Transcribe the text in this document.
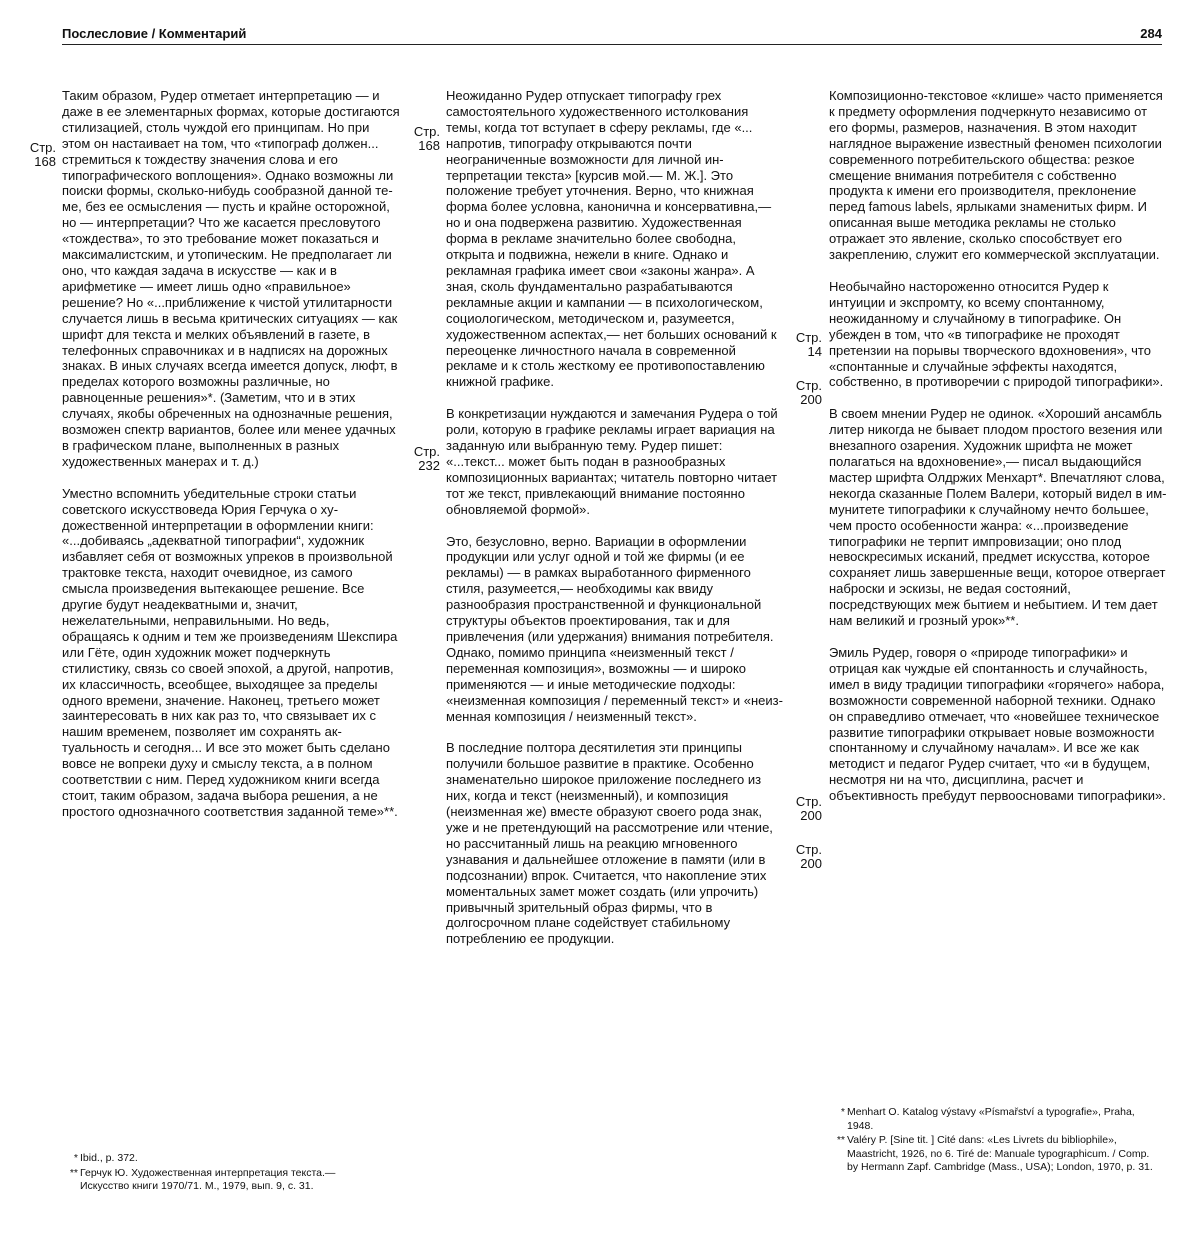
Послесловие / Комментарий	284

Таким образом, Рудер отметает интерпретацию — и даже в ее элементарных формах, которые достигаются стилизацией, столь чуждой его принципам. Но при этом он настаивает на том, что «типограф должен... стремиться к тождеству значения слова и его типографического воплощения». Однако возможны ли поиски формы, сколько-нибудь сообразной данной теме, без ее осмысления — пусть и крайне осторожной, но — интерпретации? Что же касается пресловутого «тождества», то это требование может показаться и максималистским, и утопическим. Не предполагает ли оно, что каждая задача в искусстве — как и в арифметике — имеет лишь одно «правильное» решение? Но «...приближение к чистой утилитарности случается лишь в весьма критических ситуациях — как шрифт для текста и мелких объявлений в газете, в телефонных справочниках и в надписях на дорожных знаках. В иных случаях всегда имеется допуск, люфт, в пределах которого возможны различные, но равноценные решения»*. (Заметим, что и в этих случаях, якобы обреченных на однозначные решения, возможен спектр вариантов, более или менее удачных в графическом плане, выполненных в разных художественных манерах и т. д.)

Уместно вспомнить убедительные строки статьи советского искусствоведа Юрия Герчука о художественной интерпретации в оформлении книги: «...добиваясь „адекватной типографии“, художник избавляет себя от возможных упреков в произвольной трактовке текста, находит очевидное, из самого смысла произведения вытекающее решение. Все другие будут неадекватными и, значит, нежелательными, неправильными. Но ведь, обращаясь к одним и тем же произведениям Шекспира или Гёте, один художник может подчеркнуть стилистику, связь со своей эпохой, а другой, напротив, их классичность, всеобщее, выходящее за пределы одного времени, значение. Наконец, третьего может заинтересовать в них как раз то, что связывает их с нашим временем, позволяет им сохранять актуальность и сегодня... И все это может быть сделано вовсе не вопреки духу и смыслу текста, а в полном соответствии с ним. Перед художником книги всегда стоит, таким образом, задача выбора решения, а не простого однозначного соответствия заданной теме»**.

Неожиданно Рудер отпускает типографу грех самостоятельного художественного истолкования темы, когда тот вступает в сферу рекламы, где «... напротив, типографу открываются почти неограниченные возможности для личной интерпретации текста» [курсив мой.— М. Ж.]. Это положение требует уточнения. Верно, что книжная форма более условна, канонична и консервативна,— но и она подвержена развитию. Художественная форма в рекламе значительно более свободна, открыта и подвижна, нежели в книге. Однако и рекламная графика имеет свои «законы жанра». А зная, сколь фундаментально разрабатываются рекламные акции и кампании — в психологическом, социологическом, методическом и, разумеется, художественном аспектах,— нет больших оснований к переоценке личностного начала в современной рекламе и к столь жесткому ее противопоставлению книжной графике.

В конкретизации нуждаются и замечания Рудера о той роли, которую в графике рекламы играет вариация на заданную или выбранную тему. Рудер пишет: «...текст... может быть подан в разнообразных композиционных вариантах; читатель повторно читает тот же текст, привлекающий внимание постоянно обновляемой формой».

Это, безусловно, верно. Вариации в оформлении продукции или услуг одной и той же фирмы (и ее рекламы) — в рамках выработанного фирменного стиля, разумеется,— необходимы как ввиду разнообразия пространственной и функциональной структуры объектов проектирования, так и для привлечения (или удержания) внимания потребителя. Однако, помимо принципа «неизменный текст / переменная композиция», возможны — и широко применяются — и иные методические подходы: «неизменная композиция / переменный текст» и «неизменная композиция / неизменный текст».

В последние полтора десятилетия эти принципы получили большое развитие в практике. Особенно знаменательно широкое приложение последнего из них, когда и текст (неизменный), и композиция (неизменная же) вместе образуют своего рода знак, уже и не претендующий на рассмотрение или чтение, но рассчитанный лишь на реакцию мгновенного узнавания и дальнейшее отложение в памяти (или в подсознании) впрок. Считается, что накопление этих моментальных замет может создать (или упрочить) привычный зрительный образ фирмы, что в долгосрочном плане содействует стабильному потреблению ее продукции.

Композиционно-текстовое «клише» часто применяется к предмету оформления подчеркнуто независимо от его формы, размеров, назначения. В этом находит наглядное выражение известный феномен психологии современного потребительского общества: резкое смещение внимания потребителя с собственно продукта к имени его производителя, преклонение перед famous labels, ярлыками знаменитых фирм. И описанная выше методика рекламы не столько отражает это явление, сколько способствует его закреплению, служит его коммерческой эксплуатации.

Необычайно настороженно относится Рудер к интуиции и экспромту, ко всему спонтанному, неожиданному и случайному в типографике. Он убежден в том, что «в типографике не проходят претензии на порывы творческого вдохновения», что «спонтанные и случайные эффекты находятся, собственно, в противоречии с природой типографики».

В своем мнении Рудер не одинок. «Хороший ансамбль литер никогда не бывает плодом простого везения или внезапного озарения. Художник шрифта не может полагаться на вдохновение»,— писал выдающийся мастер шрифта Олдржих Менхарт*. Впечатляют слова, некогда сказанные Полем Валери, который видел в иммунитете типографики к случайному нечто большее, чем просто особенности жанра: «...произведение типографики не терпит импровизации; оно плод невоскресимых исканий, предмет искусства, которое сохраняет лишь завершенные вещи, которое отвергает наброски и эскизы, не ведая состояний, посредствующих меж бытием и небытием. И тем дает нам великий и грозный урок»**.

Эмиль Рудер, говоря о «природе типографики» и отрицая как чуждые ей спонтанность и случайность, имел в виду традиции типографики «горячего» набора, возможности современной наборной техники. Однако он справедливо отмечает, что «новейшее техническое развитие типографики открывает новые возможности спонтанному и случайному началам». И все же как методист и педагог Рудер считает, что «и в будущем, несмотря ни на что, дисциплина, расчет и объективность пребудут первоосновами типографики».

Стр.
168
Стр.
168
Стр.
232
Стр.
14
Стр.
200
Стр.
200
Стр.
200
* Ibid., p. 372.
** Герчук Ю. Художественная интерпретация текста.— Искусство книги 1970/71. М., 1979, вып. 9, с. 31.
* Menhart O. Katalog výstavy «Písmařství a typografie», Praha, 1948.
** Valéry P. [Sine tit. ] Cité dans: «Les Livrets du bibliophile», Maastricht, 1926, no 6. Tiré de: Manuale typographicum. / Comp. by Hermann Zapf. Cambridge (Mass., USA); London, 1970, p. 31.
